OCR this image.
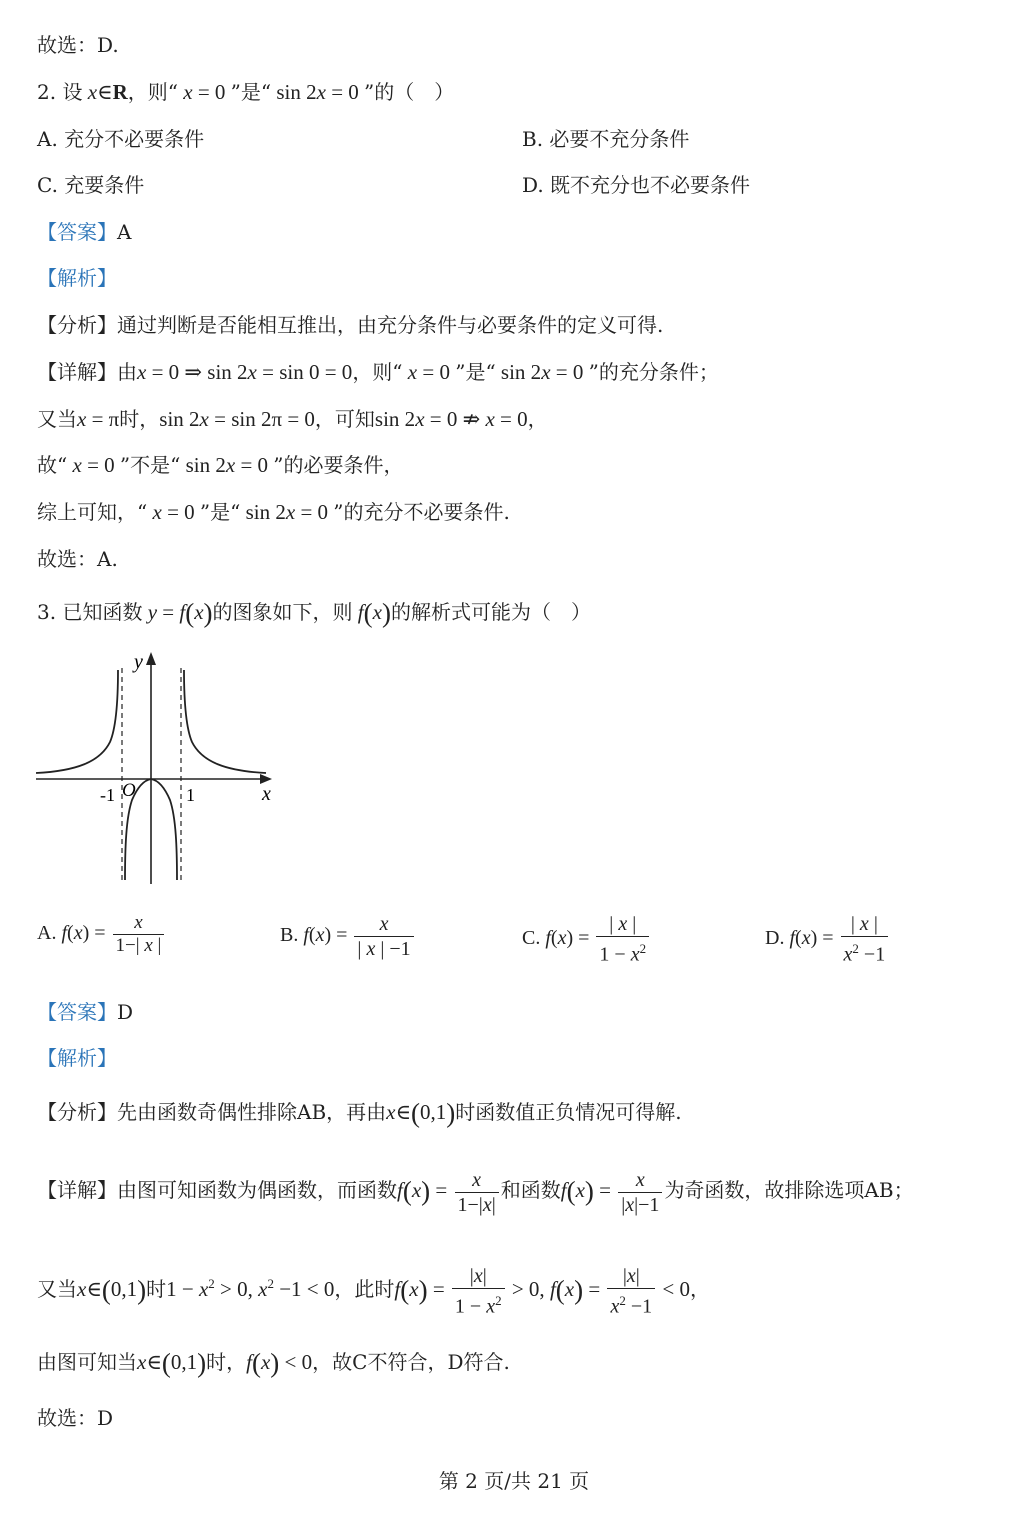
故选：D.
2. 设 x∈R，则“ x = 0 ”是“ sin 2x = 0 ”的（　）
A. 充分不必要条件	B. 必要不充分条件
C. 充要条件	D. 既不充分也不必要条件
【答案】A
【解析】
【分析】通过判断是否能相互推出，由充分条件与必要条件的定义可得.
【详解】由x = 0 ⇒ sin 2x = sin 0 = 0，则“ x = 0 ”是“ sin 2x = 0 ”的充分条件；
又当x = π时，sin 2x = sin 2π = 0，可知sin 2x = 0 ⇏ x = 0，
故“ x = 0 ”不是“ sin 2x = 0 ”的必要条件，
综上可知，“ x = 0 ”是“ sin 2x = 0 ”的充分不必要条件.
故选：A.
3. 已知函数 y = f(x)的图象如下，则 f(x)的解析式可能为（　）
y
x
O
-1	1
A. $f(x) = \frac{x}{1-| x |}$	B. $f(x) = \frac{x}{| x | -1}$	C. $f(x) = \frac{| x |}{1 - x^2}$	D. $f(x) = \frac{| x |}{x^2 -1}$
【答案】D
【解析】
【分析】先由函数奇偶性排除AB，再由x∈(0,1)时函数值正负情况可得解.
【详解】由图可知函数为偶函数，而函数$f(x) = \frac{x}{1-|x|}$ 和函数$f(x) = \frac{x}{|x|-1}$ 为奇函数，故排除选项AB；
又当x∈(0,1)时$1 - x^2 > 0$, $x^2 -1 < 0$，此时$f(x) = \frac{|x|}{1 - x^2} > 0$, $f(x) = \frac{|x|}{x^2 -1} < 0$，
由图可知当x∈(0,1)时，f(x) < 0，故C不符合，D符合.
故选：D
第 2 页/共 21 页
